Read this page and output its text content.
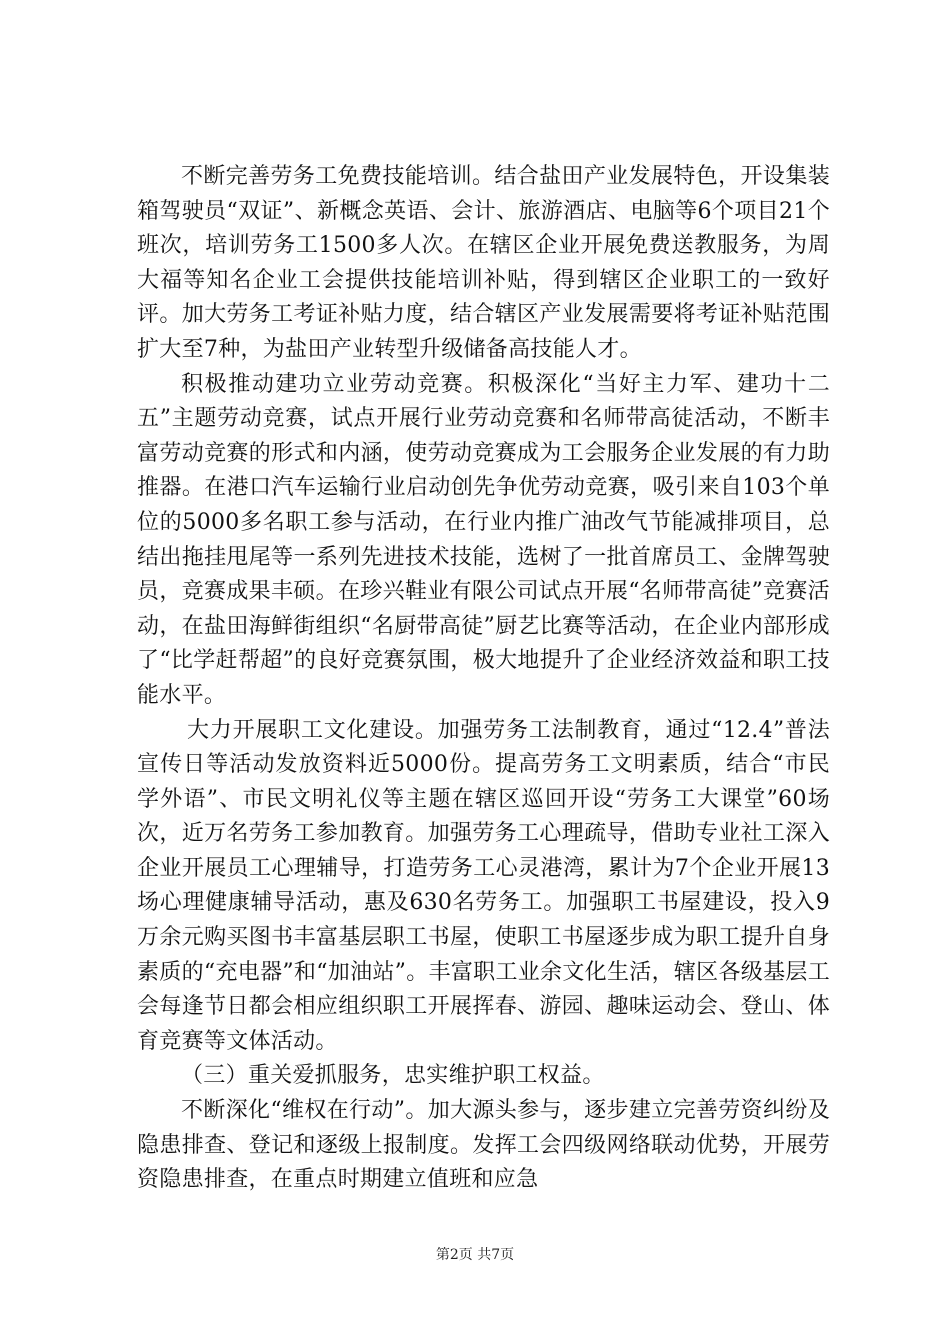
不断完善劳务工免费技能培训。结合盐田产业发展特色，开设集装箱驾驶员“双证”、新概念英语、会计、旅游酒店、电脑等6个项目21个班次，培训劳务工1500多人次。在辖区企业开展免费送教服务，为周大福等知名企业工会提供技能培训补贴，得到辖区企业职工的一致好评。加大劳务工考证补贴力度，结合辖区产业发展需要将考证补贴范围扩大至7种，为盐田产业转型升级储备高技能人才。

积极推动建功立业劳动竞赛。积极深化“当好主力军、建功十二五”主题劳动竞赛，试点开展行业劳动竞赛和名师带高徒活动，不断丰富劳动竞赛的形式和内涵，使劳动竞赛成为工会服务企业发展的有力助推器。在港口汽车运输行业启动创先争优劳动竞赛，吸引来自103个单位的5000多名职工参与活动，在行业内推广油改气节能减排项目，总结出拖挂甩尾等一系列先进技术技能，选树了一批首席员工、金牌驾驶员，竞赛成果丰硕。在珍兴鞋业有限公司试点开展“名师带高徒”竞赛活动，在盐田海鲜街组织“名厨带高徒”厨艺比赛等活动，在企业内部形成了“比学赶帮超”的良好竞赛氛围，极大地提升了企业经济效益和职工技能水平。

大力开展职工文化建设。加强劳务工法制教育，通过“12.4”普法宣传日等活动发放资料近5000份。提高劳务工文明素质，结合“市民学外语”、市民文明礼仪等主题在辖区巡回开设“劳务工大课堂”60场次，近万名劳务工参加教育。加强劳务工心理疏导，借助专业社工深入企业开展员工心理辅导，打造劳务工心灵港湾，累计为7个企业开展13场心理健康辅导活动，惠及630名劳务工。加强职工书屋建设，投入9万余元购买图书丰富基层职工书屋，使职工书屋逐步成为职工提升自身素质的“充电器”和“加油站”。丰富职工业余文化生活，辖区各级基层工会每逢节日都会相应组织职工开展挥春、游园、趣味运动会、登山、体育竞赛等文体活动。

（三）重关爱抓服务，忠实维护职工权益。

不断深化“维权在行动”。加大源头参与，逐步建立完善劳资纠纷及隐患排查、登记和逐级上报制度。发挥工会四级网络联动优势，开展劳资隐患排查，在重点时期建立值班和应急

第2页 共7页
